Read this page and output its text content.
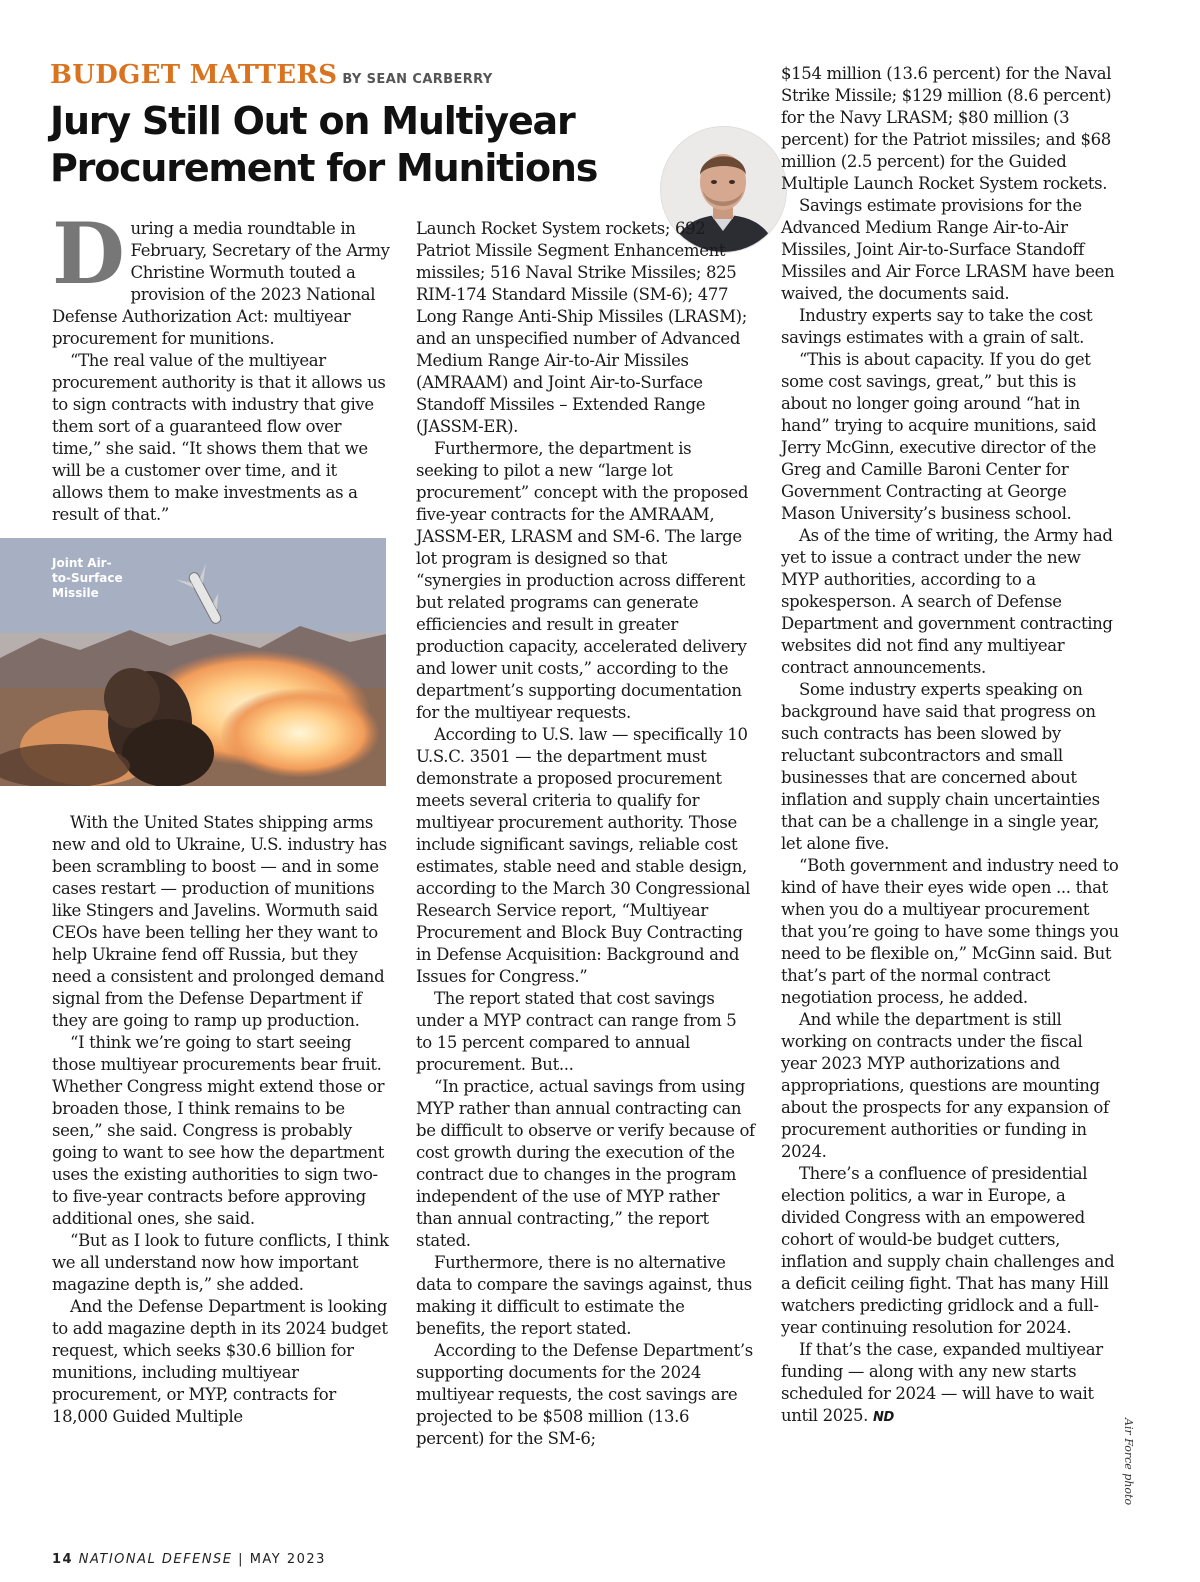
BUDGET MATTERS BY SEAN CARBERRY
Jury Still Out on Multiyear Procurement for Munitions

During a media roundtable in February, Secretary of the Army Christine Wormuth touted a provision of the 2023 National Defense Authorization Act: multiyear procurement for munitions.

“The real value of the multiyear procurement authority is that it allows us to sign contracts with industry that give them sort of a guaranteed flow over time,” she said. “It shows them that we will be a customer over time, and it allows them to make investments as a result of that.”

Joint Air-
to-Surface
Missile

With the United States shipping arms new and old to Ukraine, U.S. industry has been scrambling to boost — and in some cases restart — production of munitions like Stingers and Javelins. Wormuth said CEOs have been telling her they want to help Ukraine fend off Russia, but they need a consistent and prolonged demand signal from the Defense Department if they are going to ramp up production.

“I think we’re going to start seeing those multiyear procurements bear fruit. Whether Congress might extend those or broaden those, I think remains to be seen,” she said. Congress is probably going to want to see how the department uses the existing authorities to sign two- to five-year contracts before approving additional ones, she said.

“But as I look to future conflicts, I think we all understand now how important magazine depth is,” she added.

And the Defense Department is looking to add magazine depth in its 2024 budget request, which seeks $30.6 billion for munitions, including multiyear procurement, or MYP, contracts for 18,000 Guided Multiple

Launch Rocket System rockets; 692 Patriot Missile Segment Enhancement missiles; 516 Naval Strike Missiles; 825 RIM-174 Standard Missile (SM-6); 477 Long Range Anti-Ship Missiles (LRASM); and an unspecified number of Advanced Medium Range Air-to-Air Missiles (AMRAAM) and Joint Air-to-Surface Standoff Missiles – Extended Range (JASSM-ER).

Furthermore, the department is seeking to pilot a new “large lot procurement” concept with the proposed five-year contracts for the AMRAAM, JASSM-ER, LRASM and SM-6. The large lot program is designed so that “synergies in production across different but related programs can generate efficiencies and result in greater production capacity, accelerated delivery and lower unit costs,” according to the department’s supporting documentation for the multiyear requests.

According to U.S. law — specifically 10 U.S.C. 3501 — the department must demonstrate a proposed procurement meets several criteria to qualify for multiyear procurement authority. Those include significant savings, reliable cost estimates, stable need and stable design, according to the March 30 Congressional Research Service report, “Multiyear Procurement and Block Buy Contracting in Defense Acquisition: Background and Issues for Congress.”

The report stated that cost savings under a MYP contract can range from 5 to 15 percent compared to annual procurement. But...

“In practice, actual savings from using MYP rather than annual contracting can be difficult to observe or verify because of cost growth during the execution of the contract due to changes in the program independent of the use of MYP rather than annual contracting,” the report stated.

Furthermore, there is no alternative data to compare the savings against, thus making it difficult to estimate the benefits, the report stated.

According to the Defense Department’s supporting documents for the 2024 multiyear requests, the cost savings are projected to be $508 million (13.6 percent) for the SM-6;

$154 million (13.6 percent) for the Naval Strike Missile; $129 million (8.6 percent) for the Navy LRASM; $80 million (3 percent) for the Patriot missiles; and $68 million (2.5 percent) for the Guided Multiple Launch Rocket System rockets.

Savings estimate provisions for the Advanced Medium Range Air-to-Air Missiles, Joint Air-to-Surface Standoff Missiles and Air Force LRASM have been waived, the documents said.

Industry experts say to take the cost savings estimates with a grain of salt.

“This is about capacity. If you do get some cost savings, great,” but this is about no longer going around “hat in hand” trying to acquire munitions, said Jerry McGinn, executive director of the Greg and Camille Baroni Center for Government Contracting at George Mason University’s business school.

As of the time of writing, the Army had yet to issue a contract under the new MYP authorities, according to a spokesperson. A search of Defense Department and government contracting websites did not find any multiyear contract announcements.

Some industry experts speaking on background have said that progress on such contracts has been slowed by reluctant subcontractors and small businesses that are concerned about inflation and supply chain uncertainties that can be a challenge in a single year, let alone five.

“Both government and industry need to kind of have their eyes wide open ... that when you do a multiyear procurement that you’re going to have some things you need to be flexible on,” McGinn said. But that’s part of the normal contract negotiation process, he added.

And while the department is still working on contracts under the fiscal year 2023 MYP authorizations and appropriations, questions are mounting about the prospects for any expansion of procurement authorities or funding in 2024.

There’s a confluence of presidential election politics, a war in Europe, a divided Congress with an empowered cohort of would-be budget cutters, inflation and supply chain challenges and a deficit ceiling fight. That has many Hill watchers predicting gridlock and a full-year continuing resolution for 2024.

If that’s the case, expanded multiyear funding — along with any new starts scheduled for 2024 — will have to wait until 2025. ND

Air Force photo
14 NATIONAL DEFENSE | MAY 2023
